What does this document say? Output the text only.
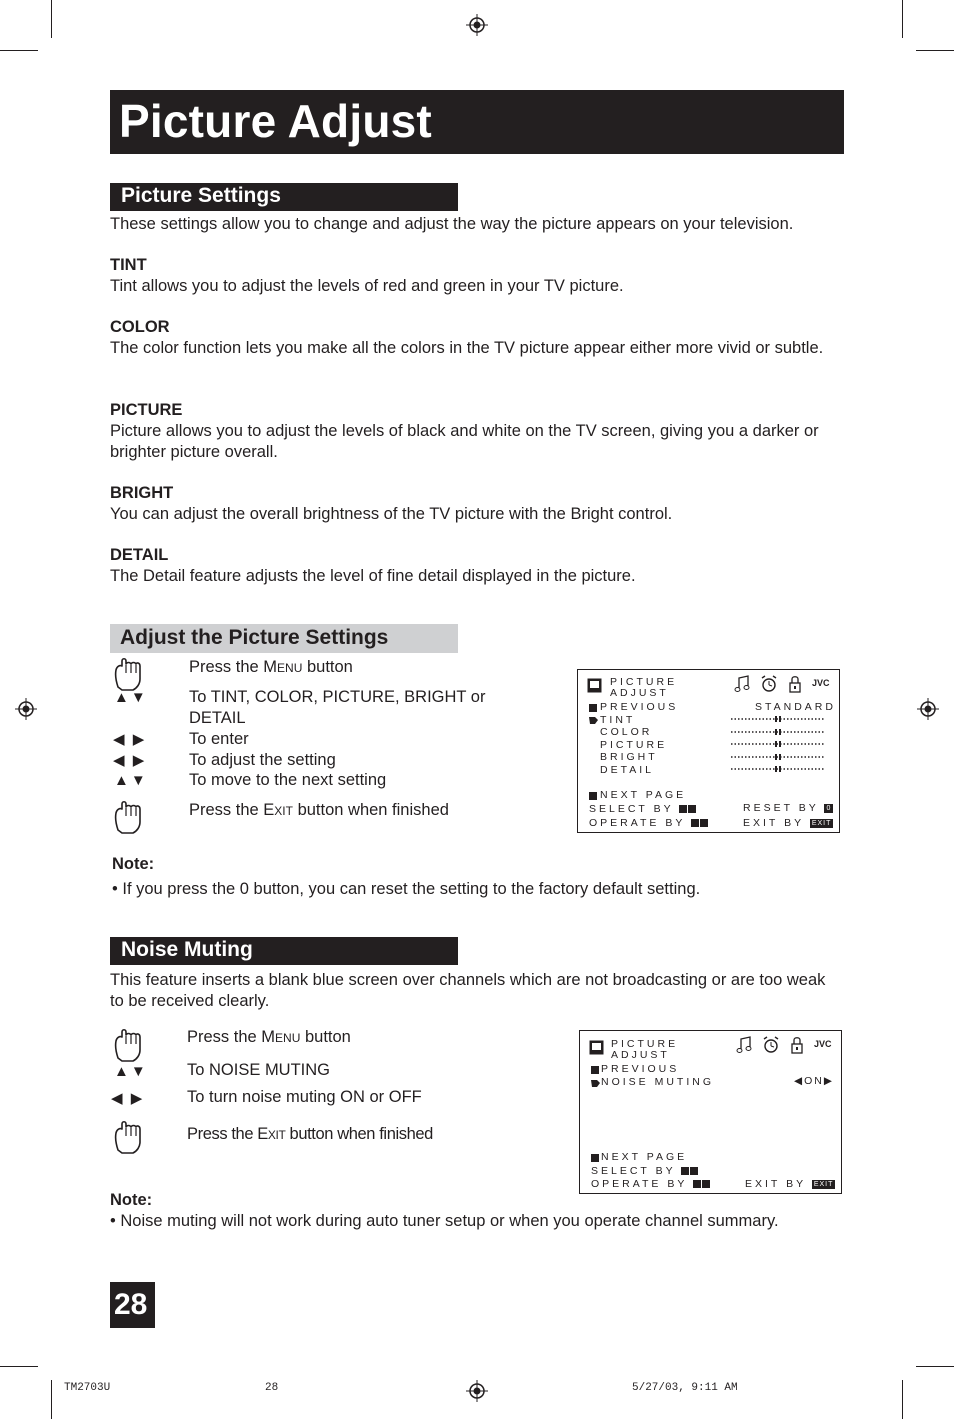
Picture Adjust
Picture Settings
These settings allow you to change and adjust the way the picture appears on your television.
TINT
Tint allows you to adjust the levels of red and green in your TV picture.
COLOR
The color function lets you make all the colors in the TV picture appear either more vivid or subtle.
PICTURE
Picture allows you to adjust the levels of black and white on the TV screen, giving you a darker or brighter picture overall.
BRIGHT
You can adjust the overall brightness of the TV picture with the Bright control.
DETAIL
The Detail feature adjusts the level of fine detail displayed in the picture.
Adjust the Picture Settings
Press the Menu button
▲▼	To TINT, COLOR, PICTURE, BRIGHT or DETAIL
◀ ▶	To enter
◀ ▶	To adjust the setting
▲▼	To move to the next setting
Press the Exit button when finished
PICTURE
ADJUST
JVC
PREVIOUS	STANDARD
TINT
COLOR
PICTURE
BRIGHT
DETAIL
NEXT PAGE
SELECT BY
OPERATE BY
RESET BY 0
EXIT BY EXIT
Note:
• If you press the 0 button, you can reset the setting to the factory default setting.
Noise Muting
This feature inserts a blank blue screen over channels which are not broadcasting or are too weak to be received clearly.
Press the Menu button
▲▼ To NOISE MUTING
◀ ▶	To turn noise muting ON or OFF
Press the Exit button when finished
PICTURE
ADJUST
JVC
PREVIOUS
NOISE MUTING	◀ON▶
NEXT PAGE
SELECT BY
OPERATE BY	EXIT BY EXIT
Note:
• Noise muting will not work during auto tuner setup or when you operate channel summary.
28
TM2703U	28	5/27/03, 9:11 AM
